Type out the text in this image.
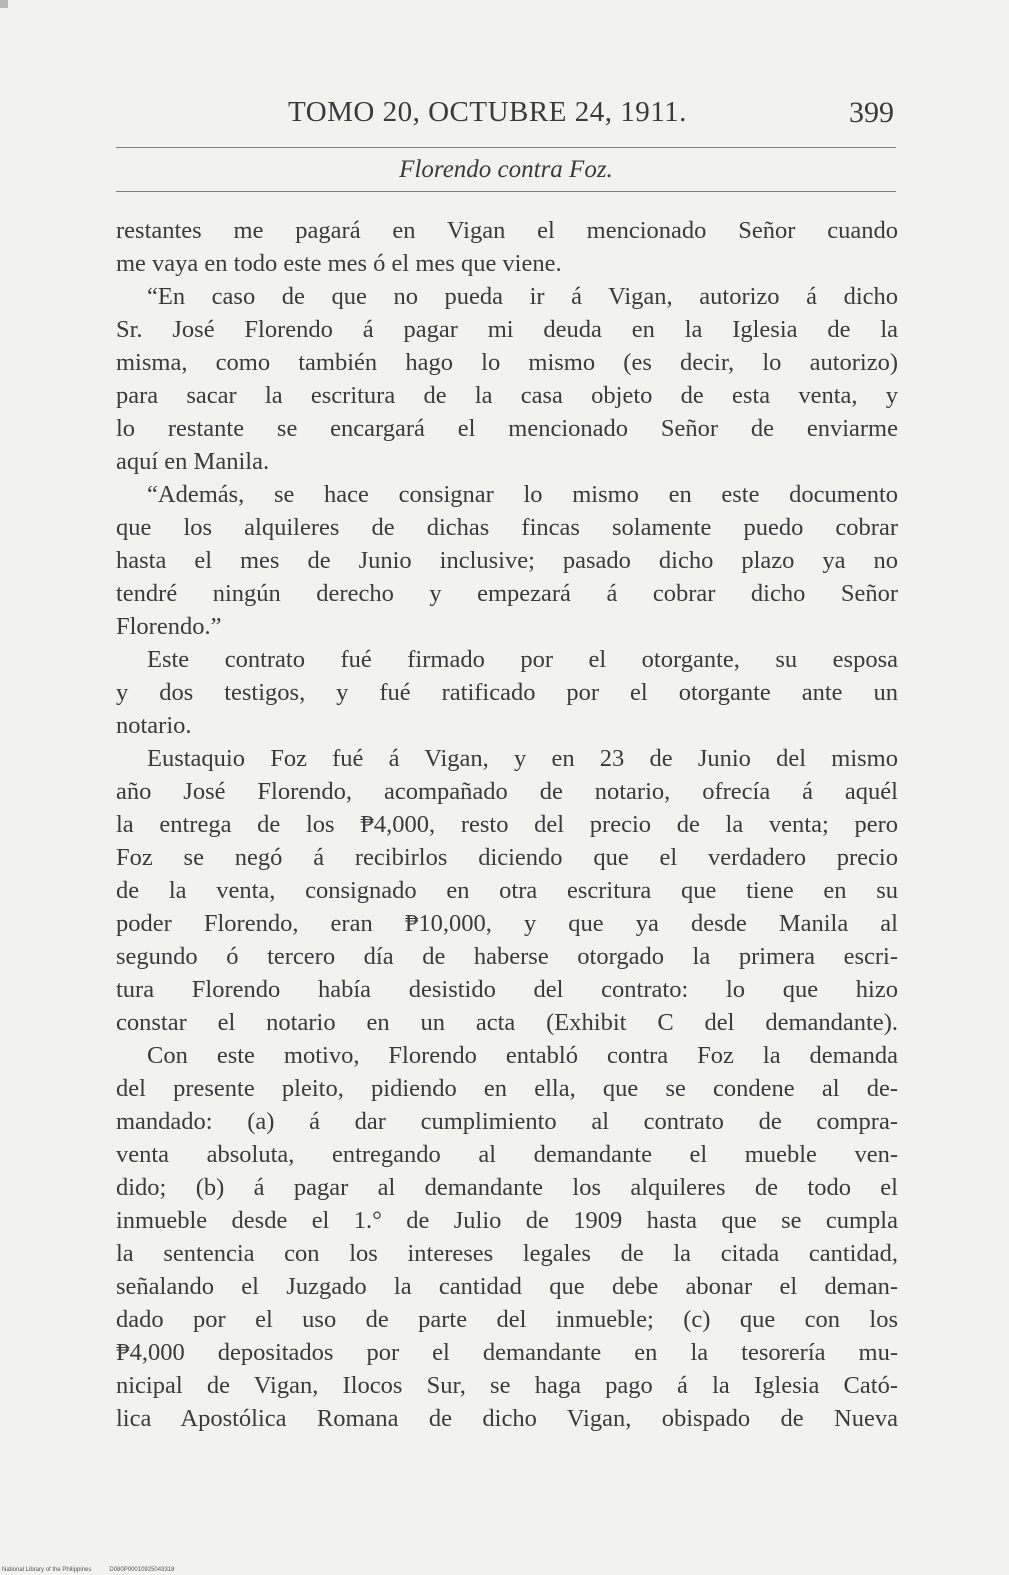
TOMO 20, OCTUBRE 24, 1911.	399
Florendo contra Foz.
restantes me pagará en Vigan el mencionado Señor cuando
me vaya en todo este mes ó el mes que viene.
“En caso de que no pueda ir á Vigan, autorizo á dicho
Sr. José Florendo á pagar mi deuda en la Iglesia de la
misma, como también hago lo mismo (es decir, lo autorizo)
para sacar la escritura de la casa objeto de esta venta, y
lo restante se encargará el mencionado Señor de enviarme
aquí en Manila.
“Además, se hace consignar lo mismo en este documento
que los alquileres de dichas fincas solamente puedo cobrar
hasta el mes de Junio inclusive; pasado dicho plazo ya no
tendré ningún derecho y empezará á cobrar dicho Señor
Florendo.”
Este contrato fué firmado por el otorgante, su esposa
y dos testigos, y fué ratificado por el otorgante ante un
notario.
Eustaquio Foz fué á Vigan, y en 23 de Junio del mismo
año José Florendo, acompañado de notario, ofrecía á aquél
la entrega de los ₱4,000, resto del precio de la venta; pero
Foz se negó á recibirlos diciendo que el verdadero precio
de la venta, consignado en otra escritura que tiene en su
poder Florendo, eran ₱10,000, y que ya desde Manila al
segundo ó tercero día de haberse otorgado la primera escri-
tura Florendo había desistido del contrato: lo que hizo
constar el notario en un acta (Exhibit C del demandante).
Con este motivo, Florendo entabló contra Foz la demanda
del presente pleito, pidiendo en ella, que se condene al de-
mandado: (a) á dar cumplimiento al contrato de compra-
venta absoluta, entregando al demandante el mueble ven-
dido; (b) á pagar al demandante los alquileres de todo el
inmueble desde el 1.° de Julio de 1909 hasta que se cumpla
la sentencia con los intereses legales de la citada cantidad,
señalando el Juzgado la cantidad que debe abonar el deman-
dado por el uso de parte del inmueble; (c) que con los
₱4,000 depositados por el demandante en la tesorería mu-
nicipal de Vigan, Ilocos Sur, se haga pago á la Iglesia Cató-
lica Apostólica Romana de dicho Vigan, obispado de Nueva
National Library of the Philippines	D080P00010925043318
